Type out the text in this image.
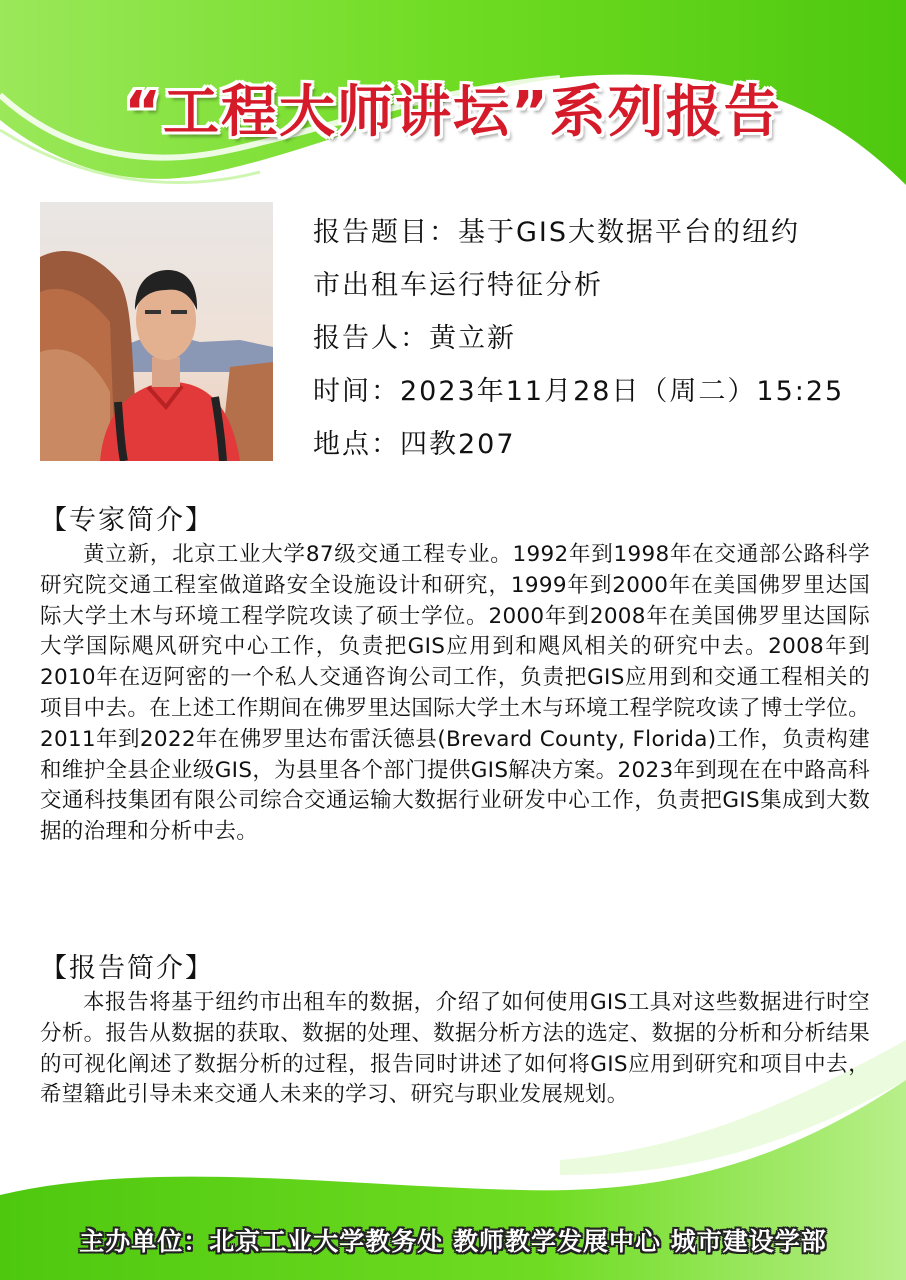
“工程大师讲坛”系列报告
报告题目：基于GIS大数据平台的纽约
市出租车运行特征分析
报告人：黄立新
时间：2023年11月28日（周二）15:25
地点：四教207
【专家简介】
黄立新，北京工业大学87级交通工程专业。1992年到1998年在交通部公路科学研究院交通工程室做道路安全设施设计和研究，1999年到2000年在美国佛罗里达国际大学土木与环境工程学院攻读了硕士学位。2000年到2008年在美国佛罗里达国际大学国际飓风研究中心工作，负责把GIS应用到和飓风相关的研究中去。2008年到2010年在迈阿密的一个私人交通咨询公司工作，负责把GIS应用到和交通工程相关的项目中去。在上述工作期间在佛罗里达国际大学土木与环境工程学院攻读了博士学位。2011年到2022年在佛罗里达布雷沃德县(Brevard County, Florida)工作，负责构建和维护全县企业级GIS，为县里各个部门提供GIS解决方案。2023年到现在在中路高科交通科技集团有限公司综合交通运输大数据行业研发中心工作，负责把GIS集成到大数据的治理和分析中去。
【报告简介】
本报告将基于纽约市出租车的数据，介绍了如何使用GIS工具对这些数据进行时空分析。报告从数据的获取、数据的处理、数据分析方法的选定、数据的分析和分析结果的可视化阐述了数据分析的过程，报告同时讲述了如何将GIS应用到研究和项目中去，希望籍此引导未来交通人未来的学习、研究与职业发展规划。
主办单位：北京工业大学教务处 教师教学发展中心 城市建设学部
